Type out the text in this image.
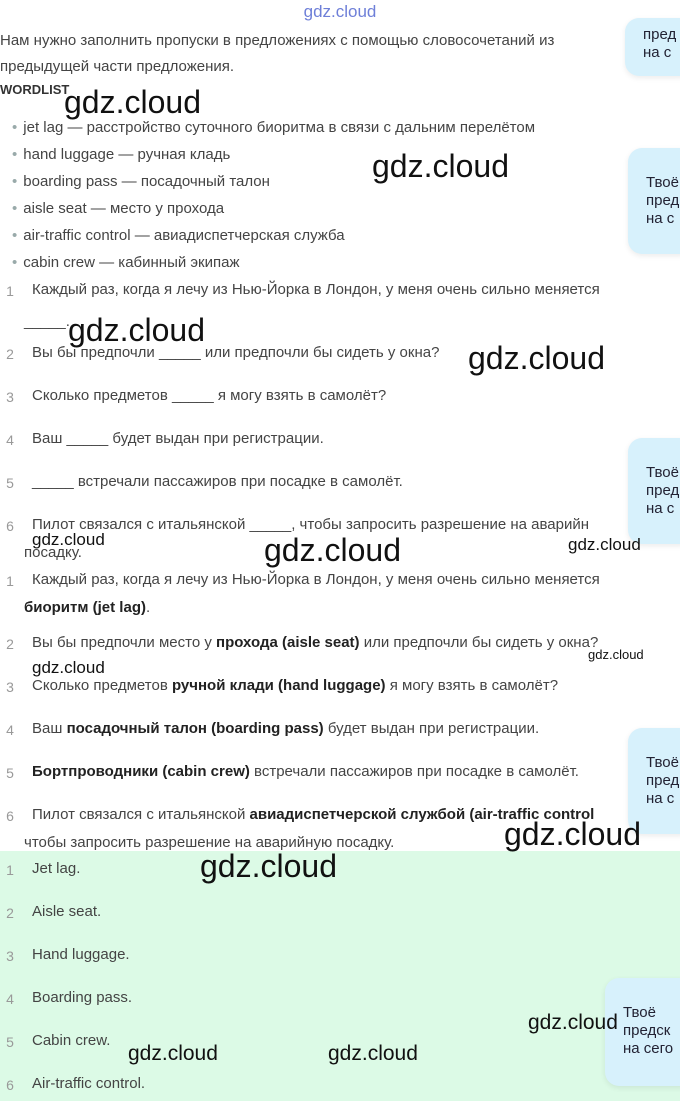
gdz.cloud
Нам нужно заполнить пропуски в предложениях с помощью словосочетаний из предыдущей части предложения.
WORDLIST
• jet lag — расстройство суточного биоритма в связи с дальним перелётом
• hand luggage — ручная кладь
• boarding pass — посадочный талон
• aisle seat — место у прохода
• air-traffic control — авиадиспетчерская служба
• cabin crew — кабинный экипаж
1	Каждый раз, когда я лечу из Нью-Йорка в Лондон, у меня очень сильно меняется
_____.
2	Вы бы предпочли _____ или предпочли бы сидеть у окна?
3	Сколько предметов _____ я могу взять в самолёт?
4	Ваш _____ будет выдан при регистрации.
5	_____ встречали пассажиров при посадке в самолёт.
6	Пилот связался с итальянской _____, чтобы запросить разрешение на аварийн
посадку.
1	Каждый раз, когда я лечу из Нью-Йорка в Лондон, у меня очень сильно меняется
биоритм (jet lag).
2	Вы бы предпочли место у прохода (aisle seat) или предпочли бы сидеть у окна?
3	Сколько предметов ручной клади (hand luggage) я могу взять в самолёт?
4	Ваш посадочный талон (boarding pass) будет выдан при регистрации.
5	Бортпроводники (cabin crew) встречали пассажиров при посадке в самолёт.
6	Пилот связался с итальянской авиадиспетчерской службой (air-traffic control
чтобы запросить разрешение на аварийную посадку.
1	Jet lag.
2	Aisle seat.
3	Hand luggage.
4	Boarding pass.
5	Cabin crew.
6	Air-traffic control.
пред
на с
Твоё
пред
на с
Твоё
пред
на с
Твоё
пред
на с
Твоё
предск
на сего
gdz.cloud
gdz.cloud
gdz.cloud
gdz.cloud
gdz.cloud
gdz.cloud	gdz.cloud
gdz.cloud
gdz.cloud
gdz.cloud
gdz.cloud
gdz.cloud
gdz.cloud	gdz.cloud
